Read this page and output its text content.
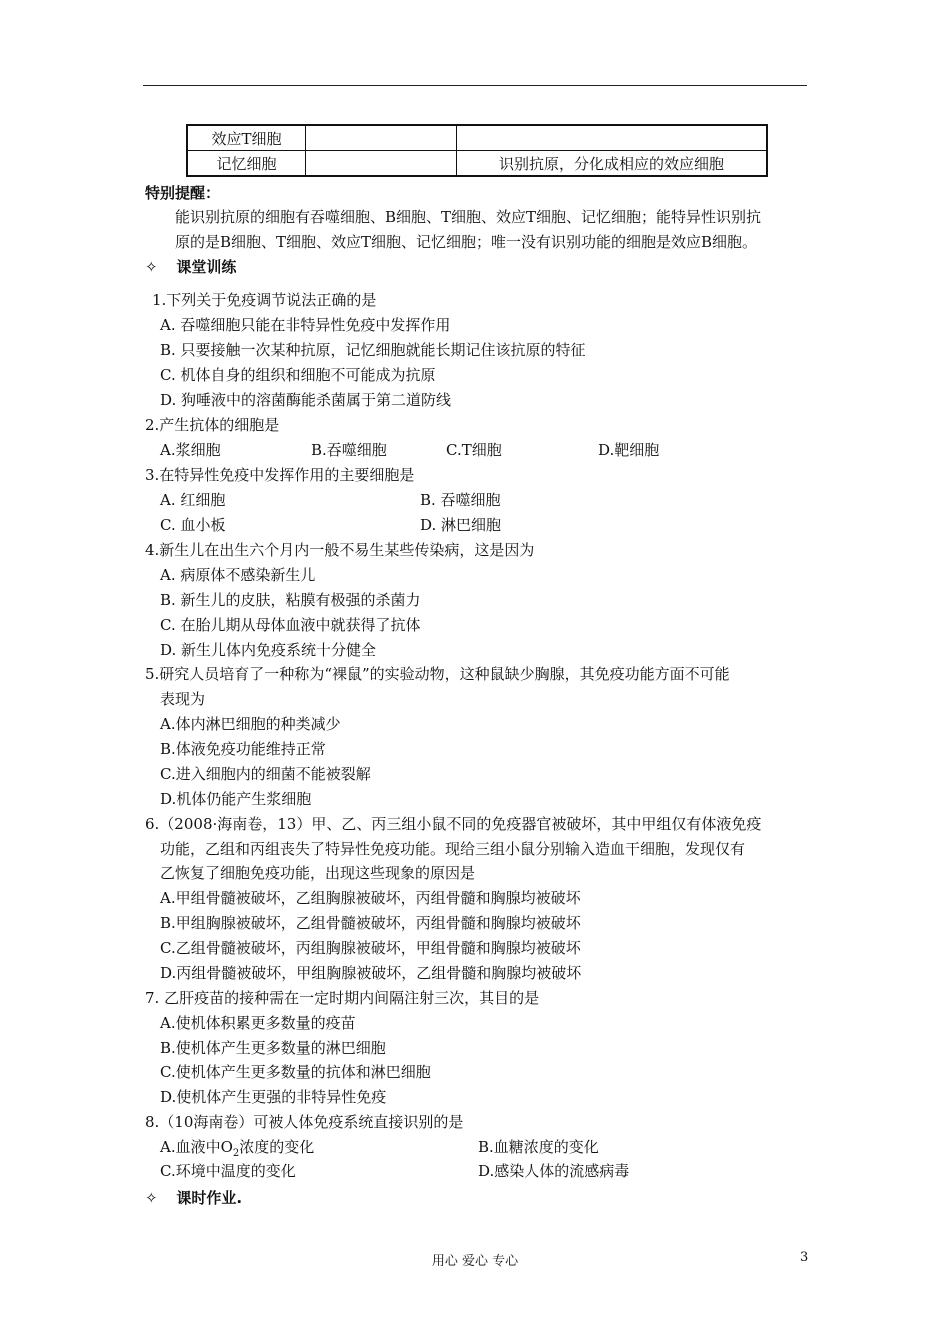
效应T细胞		
记忆细胞		识别抗原，分化成相应的效应细胞
特别提醒：
能识别抗原的细胞有吞噬细胞、B细胞、T细胞、效应T细胞、记忆细胞；能特异性识别抗
原的是B细胞、T细胞、效应T细胞、记忆细胞；唯一没有识别功能的细胞是效应B细胞。
✧ 课堂训练
1.下列关于免疫调节说法正确的是
A. 吞噬细胞只能在非特异性免疫中发挥作用
B. 只要接触一次某种抗原，记忆细胞就能长期记住该抗原的特征
C. 机体自身的组织和细胞不可能成为抗原
D. 狗唾液中的溶菌酶能杀菌属于第二道防线
2.产生抗体的细胞是
A.浆细胞	B.吞噬细胞	C.T细胞	D.靶细胞
3.在特异性免疫中发挥作用的主要细胞是
A. 红细胞	B. 吞噬细胞
C. 血小板	D. 淋巴细胞
4.新生儿在出生六个月内一般不易生某些传染病，这是因为
A. 病原体不感染新生儿
B. 新生儿的皮肤，粘膜有极强的杀菌力
C. 在胎儿期从母体血液中就获得了抗体
D. 新生儿体内免疫系统十分健全
5.研究人员培育了一种称为“裸鼠”的实验动物，这种鼠缺少胸腺，其免疫功能方面不可能
表现为
A.体内淋巴细胞的种类减少
B.体液免疫功能维持正常
C.进入细胞内的细菌不能被裂解
D.机体仍能产生浆细胞
6.（2008·海南卷，13）甲、乙、丙三组小鼠不同的免疫器官被破坏，其中甲组仅有体液免疫
功能，乙组和丙组丧失了特异性免疫功能。现给三组小鼠分别输入造血干细胞，发现仅有
乙恢复了细胞免疫功能，出现这些现象的原因是
A.甲组骨髓被破坏，乙组胸腺被破坏，丙组骨髓和胸腺均被破坏
B.甲组胸腺被破坏，乙组骨髓被破坏，丙组骨髓和胸腺均被破坏
C.乙组骨髓被破坏，丙组胸腺被破坏，甲组骨髓和胸腺均被破坏
D.丙组骨髓被破坏，甲组胸腺被破坏，乙组骨髓和胸腺均被破坏
7. 乙肝疫苗的接种需在一定时期内间隔注射三次，其目的是
A.使机体积累更多数量的疫苗
B.使机体产生更多数量的淋巴细胞
C.使机体产生更多数量的抗体和淋巴细胞
D.使机体产生更强的非特异性免疫
8.（10海南卷）可被人体免疫系统直接识别的是
A.血液中$O_2$浓度的变化	B.血糖浓度的变化
C.环境中温度的变化	D.感染人体的流感病毒
✧ 课时作业.
用心 爱心 专心	3
